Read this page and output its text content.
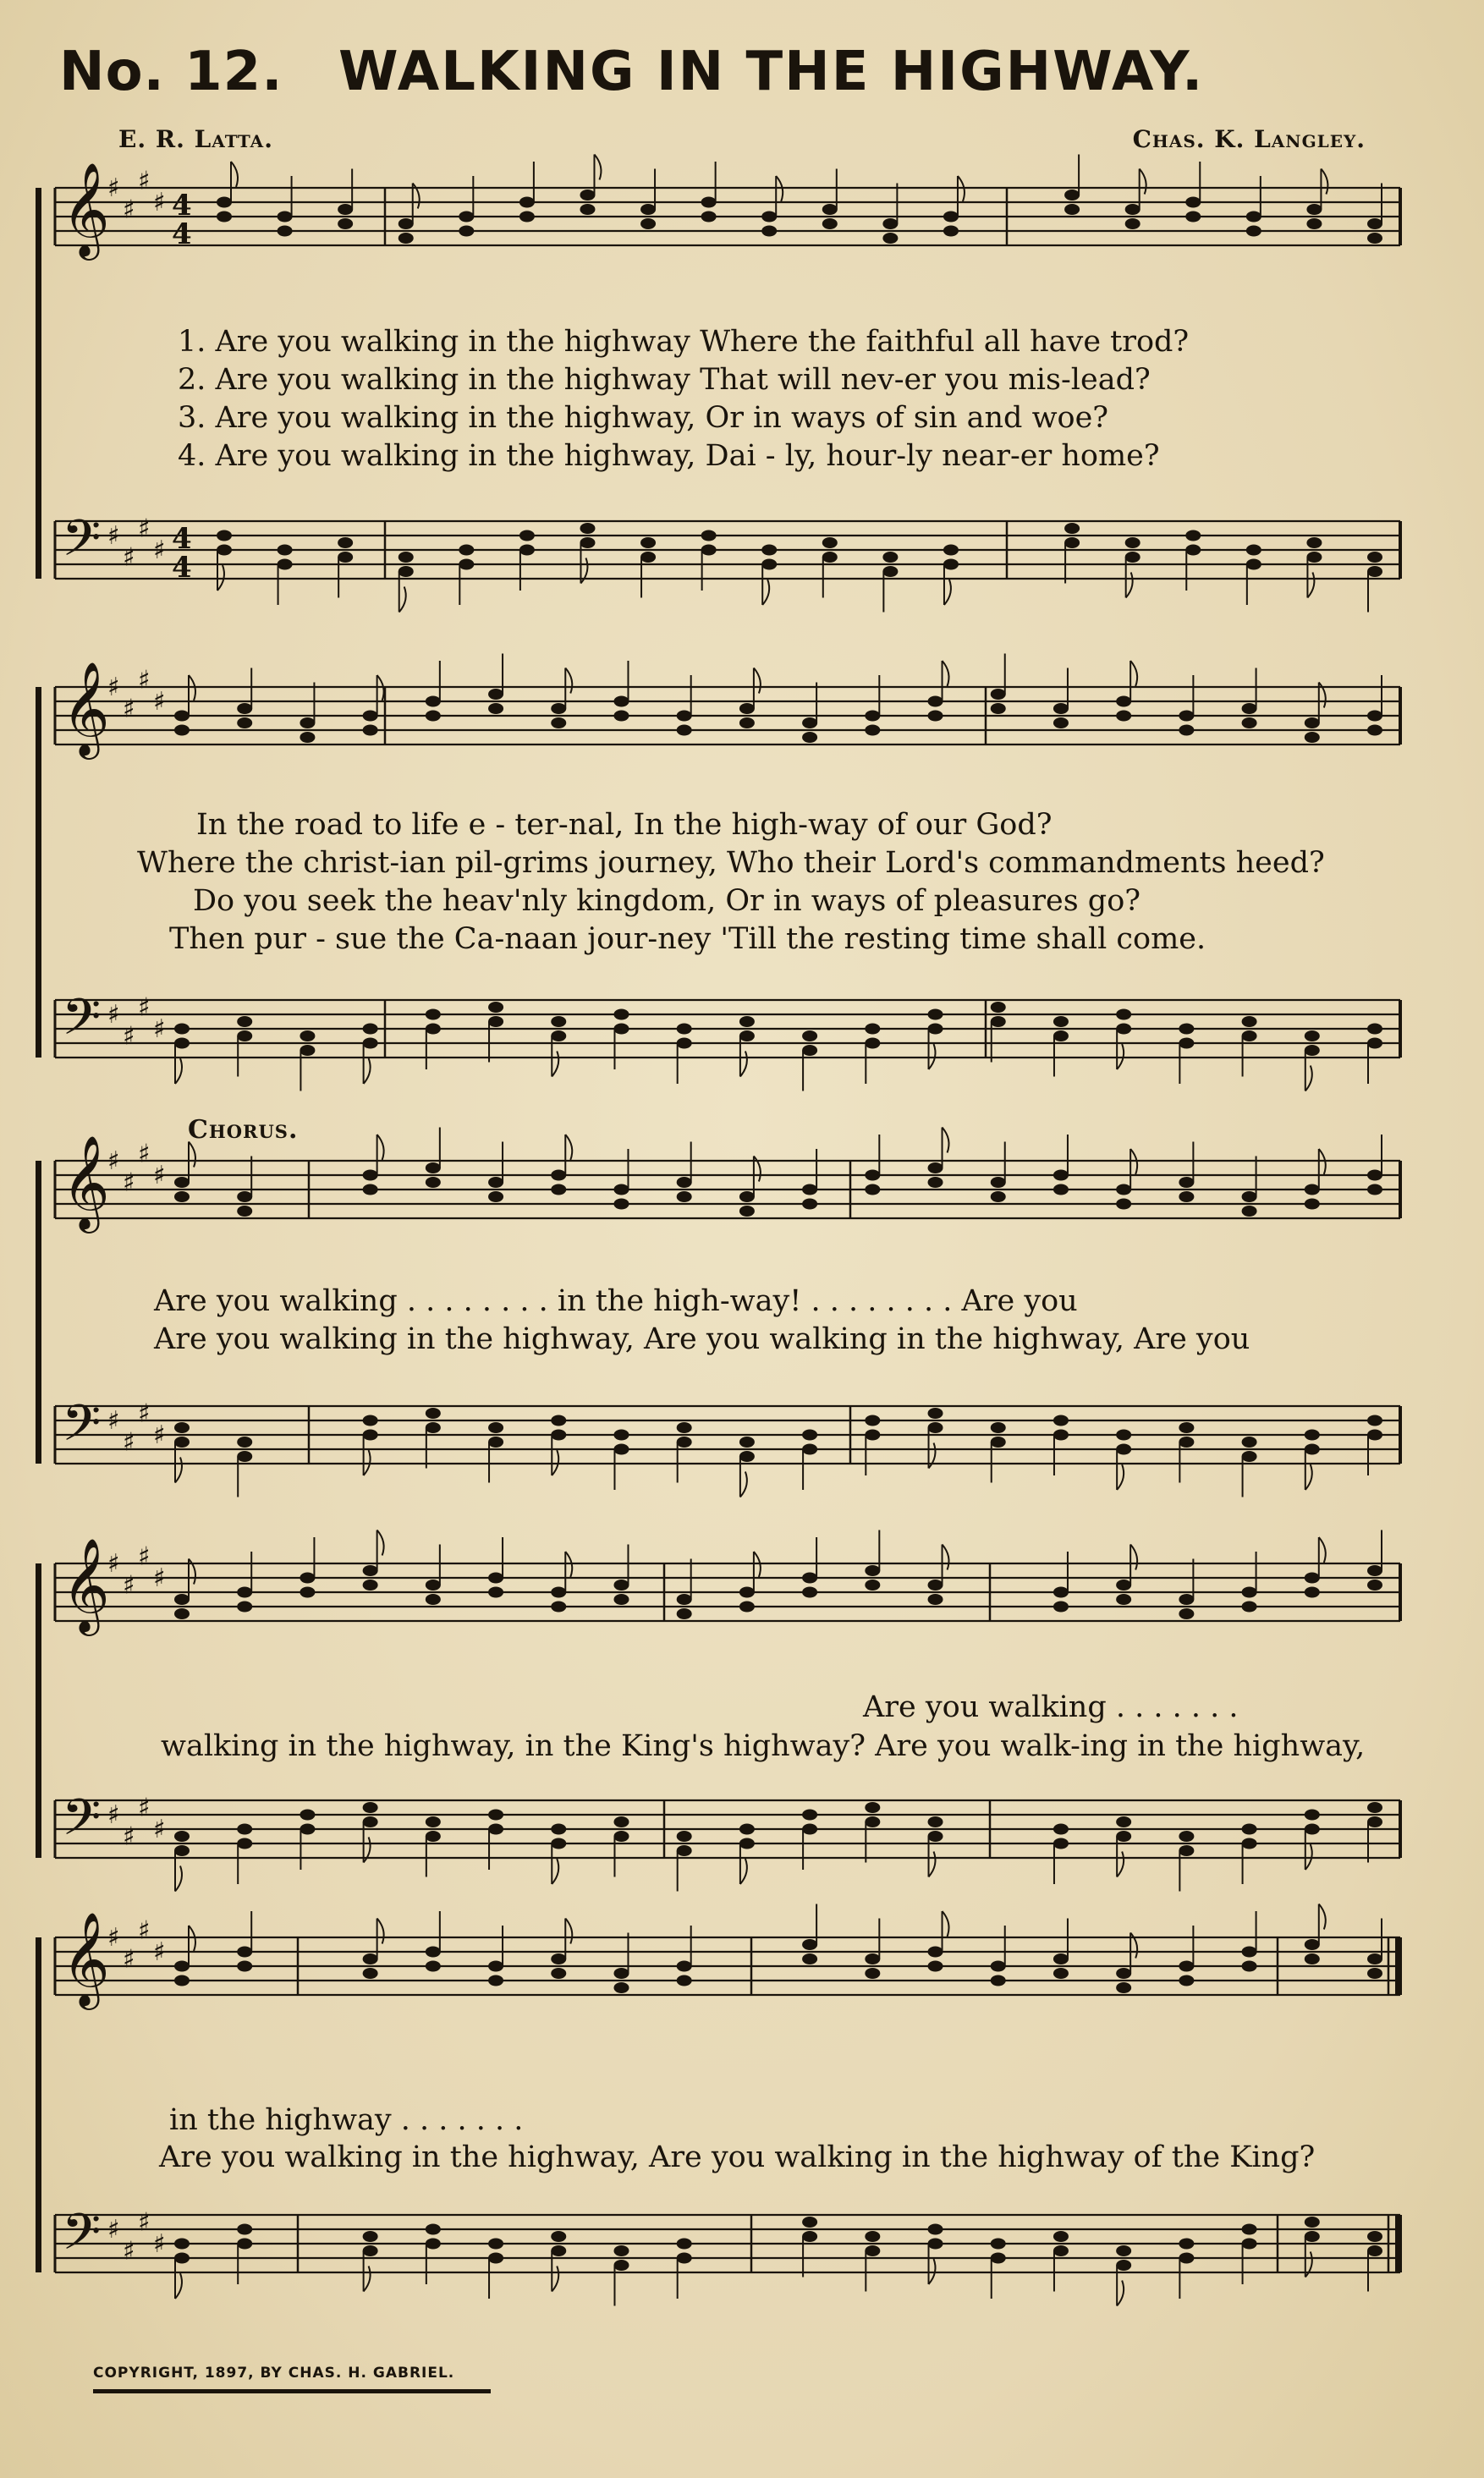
No. 12. WALKING IN THE HIGHWAY.
E. R. Latta.	Chas. K. Langley.
𝄞
♯
♯
♯
♯ 4
4
𝄢 ♯
♯
♯
♯ 4
4
𝄞
♯
♯
♯
♯
𝄢 ♯
♯
♯
♯
𝄞
♯
♯
♯
♯
𝄢 ♯
♯
♯
♯
𝄞
♯
♯
♯
♯
𝄢 ♯
♯
♯
♯
𝄞
♯
♯
♯
♯
𝄢 ♯
♯
♯
♯
1. Are you walking in the highway Where the faithful all have trod?
2. Are you walking in the highway That will nev-er you mis-lead?
3. Are you walking in the highway, Or in ways of sin and woe?
4. Are you walking in the highway, Dai - ly, hour-ly near-er home?
In the road to life e - ter-nal, In the high-way of our God?
Where the christ-ian pil-grims journey, Who their Lord's commandments heed?
Do you seek the heav'nly kingdom, Or in ways of pleasures go?
Then pur - sue the Ca-naan jour-ney 'Till the resting time shall come.
Chorus.
Are you walking . . . . . . . . in the high-way! . . . . . . . . Are you
Are you walking in the highway, Are you walking in the highway, Are you
Are you walking . . . . . . .
walking in the highway, in the King's highway? Are you walk-ing in the highway,
in the highway . . . . . . .
Are you walking in the highway, Are you walking in the highway of the King?
COPYRIGHT, 1897, BY CHAS. H. GABRIEL.
